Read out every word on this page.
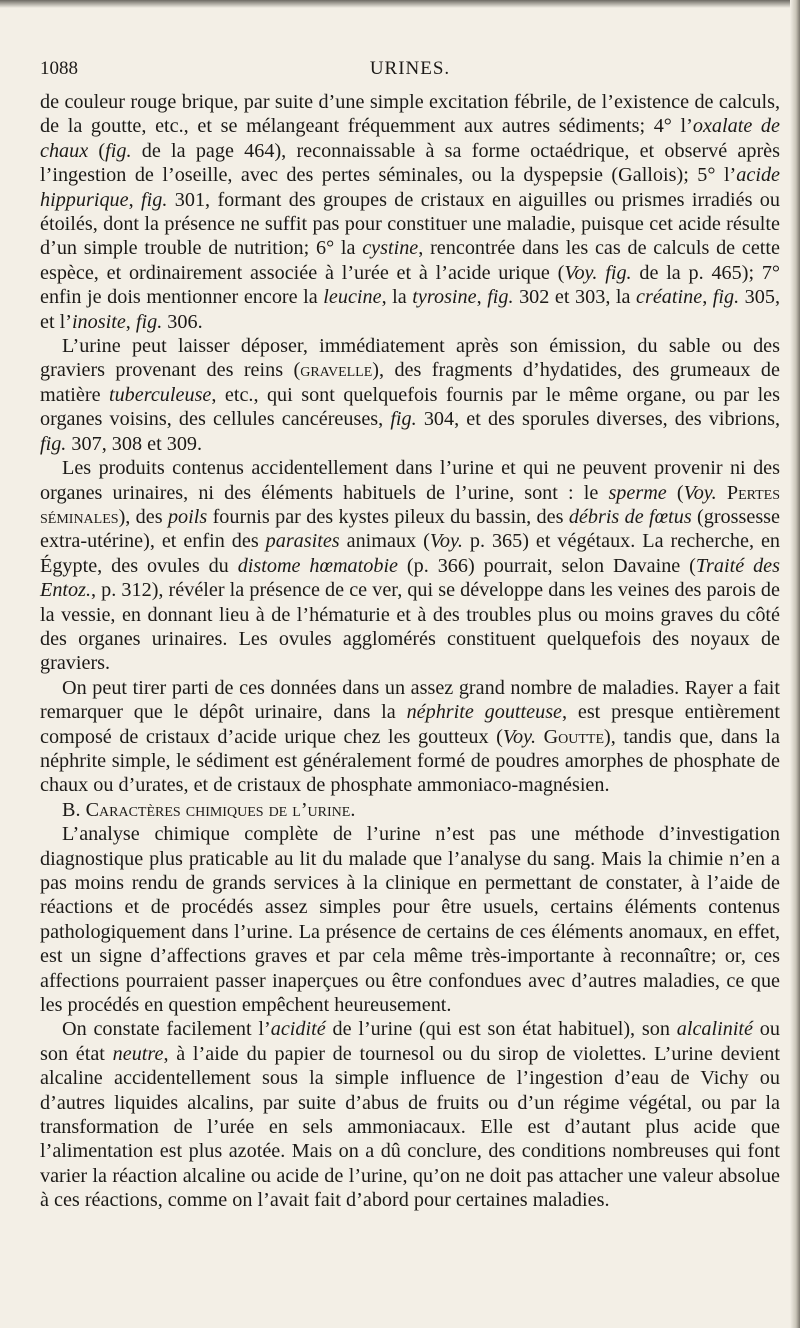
1088	URINES.

de couleur rouge brique, par suite d’une simple excitation fébrile, de l’existence de calculs, de la goutte, etc., et se mélangeant fréquemment aux autres sédiments; 4° l’oxalate de chaux (fig. de la page 464), reconnaissable à sa forme octaédrique, et observé après l’ingestion de l’oseille, avec des pertes séminales, ou la dyspepsie (Gallois); 5° l’acide hippurique, fig. 301, formant des groupes de cristaux en aiguilles ou prismes irradiés ou étoilés, dont la présence ne suffit pas pour constituer une maladie, puisque cet acide résulte d’un simple trouble de nutrition; 6° la cystine, rencontrée dans les cas de calculs de cette espèce, et ordinairement associée à l’urée et à l’acide urique (Voy. fig. de la p. 465); 7° enfin je dois mentionner encore la leucine, la tyrosine, fig. 302 et 303, la créatine, fig. 305, et l’inosite, fig. 306.

L’urine peut laisser déposer, immédiatement après son émission, du sable ou des graviers provenant des reins (gravelle), des fragments d’hydatides, des grumeaux de matière tuberculeuse, etc., qui sont quelquefois fournis par le même organe, ou par les organes voisins, des cellules cancéreuses, fig. 304, et des sporules diverses, des vibrions, fig. 307, 308 et 309.

Les produits contenus accidentellement dans l’urine et qui ne peuvent provenir ni des organes urinaires, ni des éléments habituels de l’urine, sont : le sperme (Voy. Pertes séminales), des poils fournis par des kystes pileux du bassin, des débris de fœtus (grossesse extra-utérine), et enfin des parasites animaux (Voy. p. 365) et végétaux. La recherche, en Égypte, des ovules du distome hœmatobie (p. 366) pourrait, selon Davaine (Traité des Entoz., p. 312), révéler la présence de ce ver, qui se développe dans les veines des parois de la vessie, en donnant lieu à de l’hématurie et à des troubles plus ou moins graves du côté des organes urinaires. Les ovules agglomérés constituent quelquefois des noyaux de graviers.

On peut tirer parti de ces données dans un assez grand nombre de maladies. Rayer a fait remarquer que le dépôt urinaire, dans la néphrite goutteuse, est presque entièrement composé de cristaux d’acide urique chez les goutteux (Voy. Goutte), tandis que, dans la néphrite simple, le sédiment est généralement formé de poudres amorphes de phosphate de chaux ou d’urates, et de cristaux de phosphate ammoniaco-magnésien.

B. Caractères chimiques de l’urine.

L’analyse chimique complète de l’urine n’est pas une méthode d’investigation diagnostique plus praticable au lit du malade que l’analyse du sang. Mais la chimie n’en a pas moins rendu de grands services à la clinique en permettant de constater, à l’aide de réactions et de procédés assez simples pour être usuels, certains éléments contenus pathologiquement dans l’urine. La présence de certains de ces éléments anomaux, en effet, est un signe d’affections graves et par cela même très-importante à reconnaître; or, ces affections pourraient passer inaperçues ou être confondues avec d’autres maladies, ce que les procédés en question empêchent heureusement.

On constate facilement l’acidité de l’urine (qui est son état habituel), son alcalinité ou son état neutre, à l’aide du papier de tournesol ou du sirop de violettes. L’urine devient alcaline accidentellement sous la simple influence de l’ingestion d’eau de Vichy ou d’autres liquides alcalins, par suite d’abus de fruits ou d’un régime végétal, ou par la transformation de l’urée en sels ammoniacaux. Elle est d’autant plus acide que l’alimentation est plus azotée. Mais on a dû conclure, des conditions nombreuses qui font varier la réaction alcaline ou acide de l’urine, qu’on ne doit pas attacher une valeur absolue à ces réactions, comme on l’avait fait d’abord pour certaines maladies.
